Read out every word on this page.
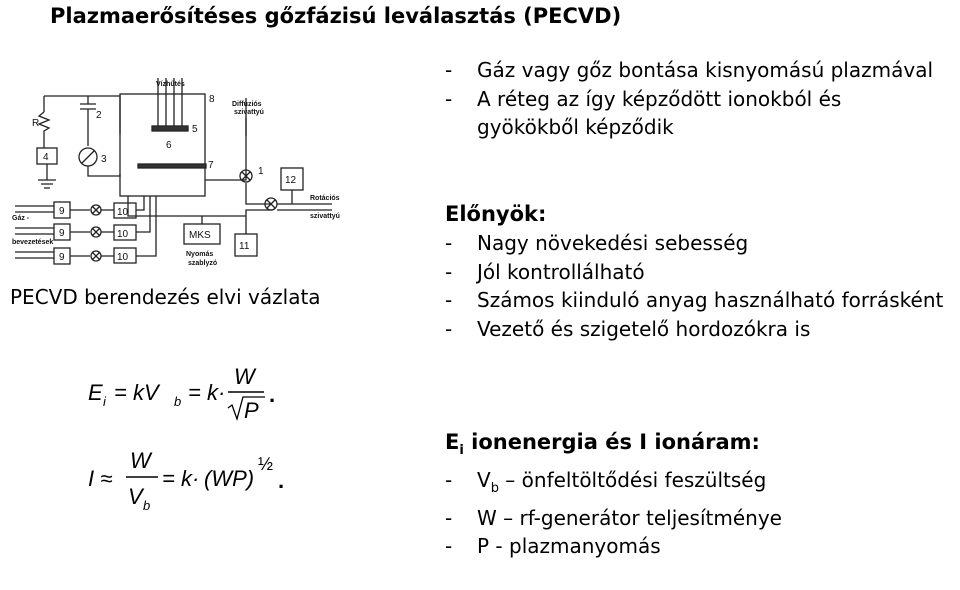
Plazmaerősítéses gőzfázisú leválasztás (PECVD)
R
2
3
4
5
6
7
8
1
12
11
9
9
9
10
10
10
MKS
Vízhűtés
Diffúziós
szivattyú
Rotációs
szivattyú
Gáz -
bevezetések
Nyomás
szablyzó
PECVD berendezés elvi vázlata
E i = kV b = k·
W
P
.
I ≈
W
V b
= k· (WP)
½
.
- Gáz vagy gőz bontása kisnyomású plazmával
- A réteg az így képződött ionokból és gyökökből képződik
Előnyök:
- Nagy növekedési sebesség
- Jól kontrollálható
- Számos kiinduló anyag használható forrásként
- Vezető és szigetelő hordozókra is
$E_i$ ionenergia és I ionáram:
- $V_b$ – önfeltöltődési feszültség
- W – rf-generátor teljesítménye
- P - plazmanyomás
